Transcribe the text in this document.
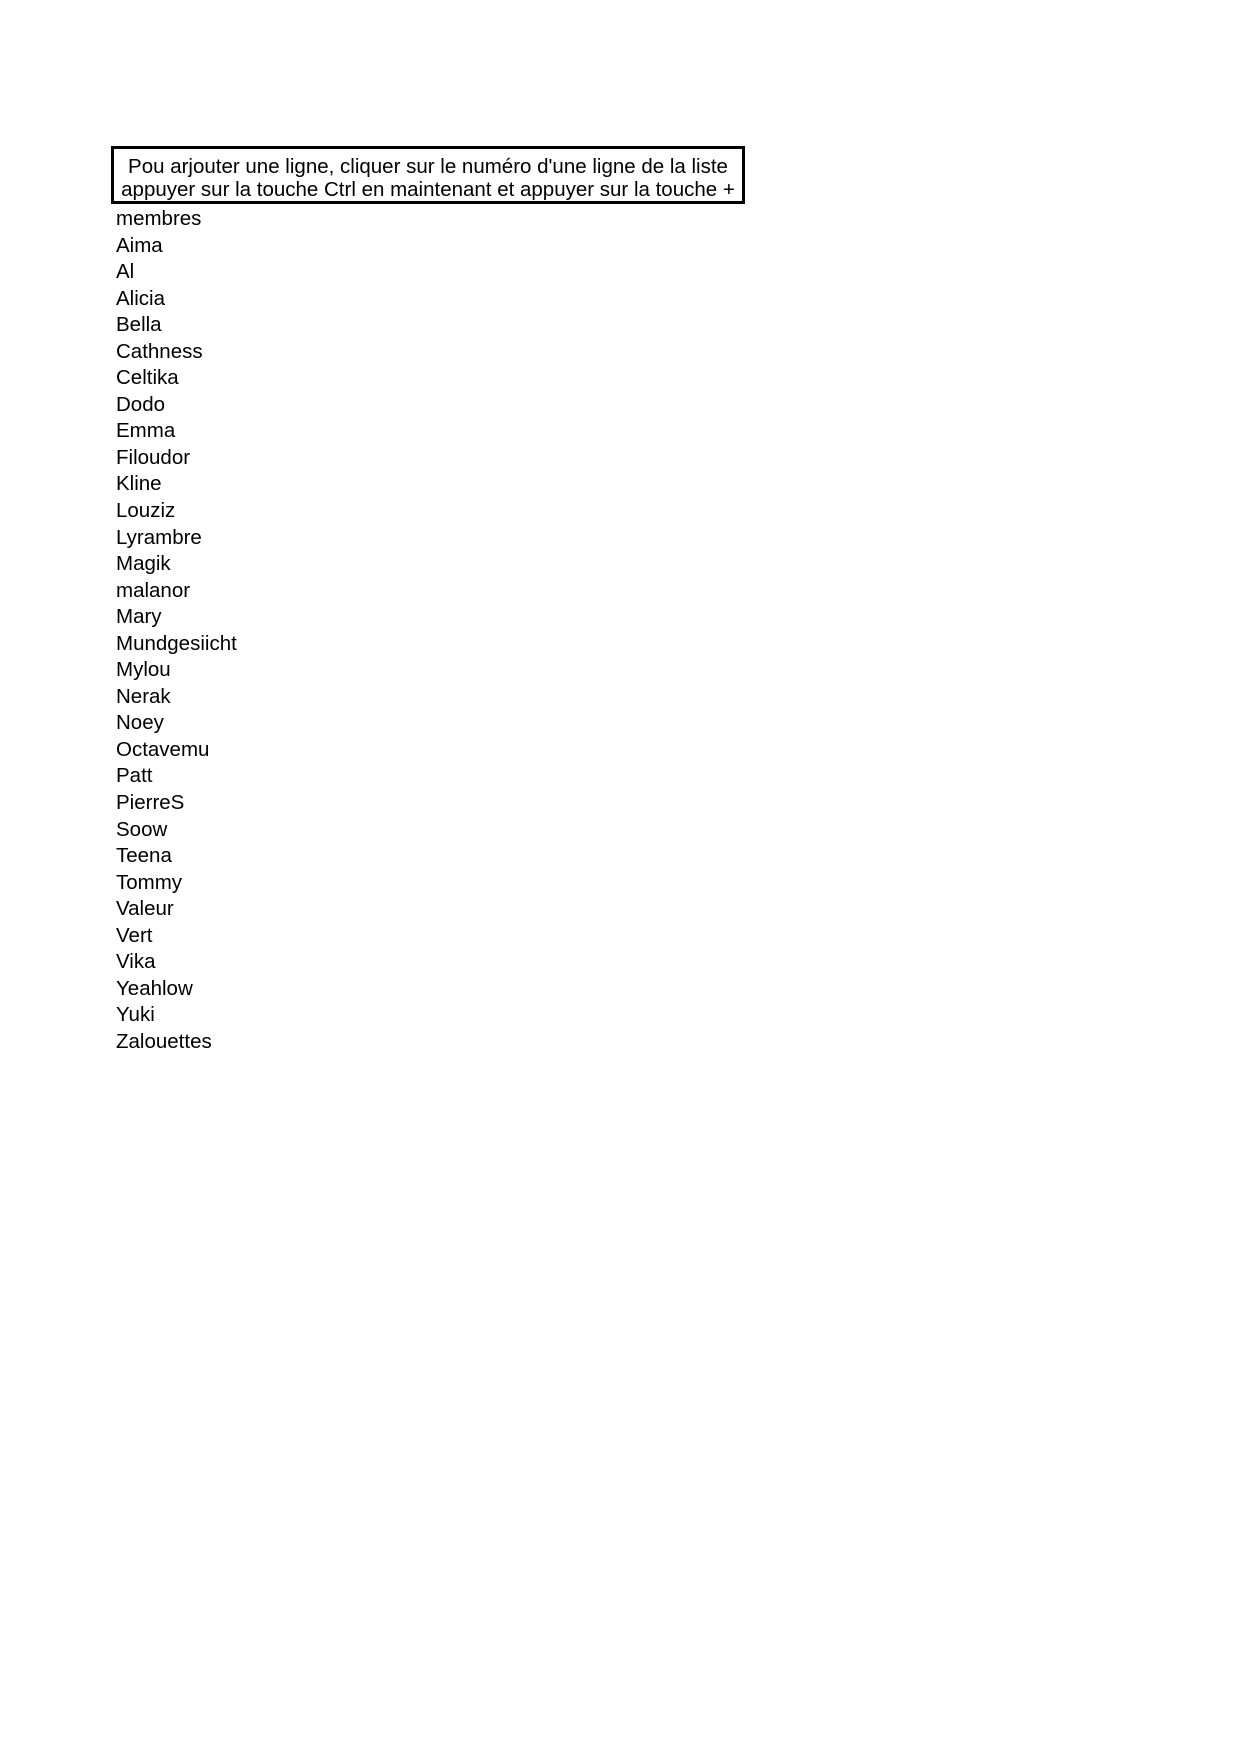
Pou arjouter une ligne, cliquer sur le numéro d'une ligne de la liste
appuyer sur la touche Ctrl en maintenant et appuyer sur la touche +
membres
Aima
Al
Alicia
Bella
Cathness
Celtika
Dodo
Emma
Filoudor
Kline
Louziz
Lyrambre
Magik
malanor
Mary
Mundgesiicht
Mylou
Nerak
Noey
Octavemu
Patt
PierreS
Soow
Teena
Tommy
Valeur
Vert
Vika
Yeahlow
Yuki
Zalouettes
